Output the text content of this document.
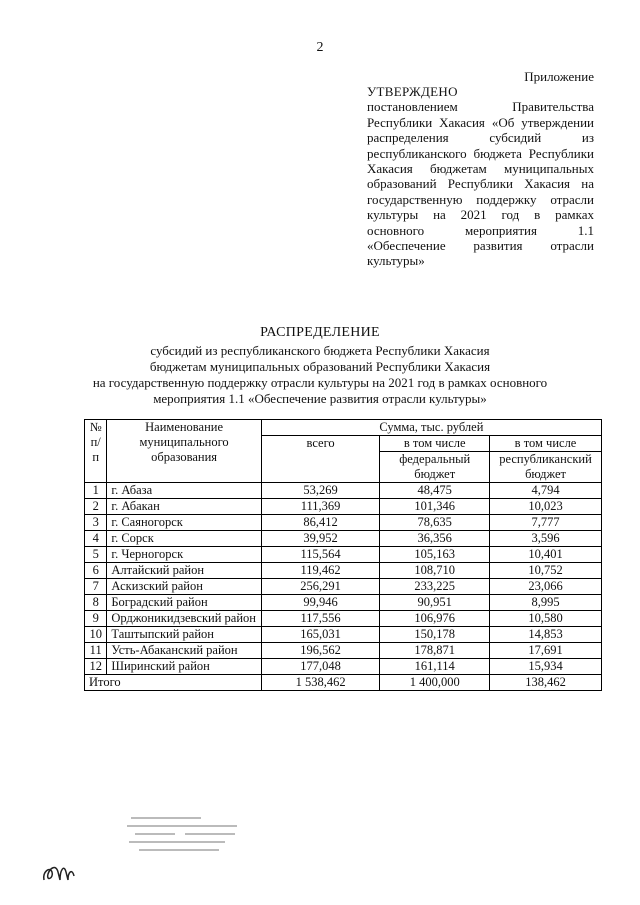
2
Приложение
УТВЕРЖДЕНО
постановлением Правительства Республики Хакасия «Об утверждении распределения субсидий из республиканского бюджета Республики Хакасия бюджетам муниципальных образований Республики Хакасия на государственную поддержку отрасли культуры на 2021 год в рамках основного мероприятия 1.1 «Обеспечение развития отрасли культуры»
РАСПРЕДЕЛЕНИЕ
субсидий из республиканского бюджета Республики Хакасия
бюджетам муниципальных образований Республики Хакасия
на государственную поддержку отрасли культуры на 2021 год в рамках основного
мероприятия 1.1 «Обеспечение развития отрасли культуры»
№ п/п	Наименование муниципального образования	Сумма, тыс. рублей		
		всего	в том числе	в том числе
			федеральный бюджет	республиканский бюджет
1	г. Абаза	53,269	48,475	4,794
2	г. Абакан	111,369	101,346	10,023
3	г. Саяногорск	86,412	78,635	7,777
4	г. Сорск	39,952	36,356	3,596
5	г. Черногорск	115,564	105,163	10,401
6	Алтайский район	119,462	108,710	10,752
7	Аскизский район	256,291	233,225	23,066
8	Боградский район	99,946	90,951	8,995
9	Орджоникидзевский район	117,556	106,976	10,580
10	Таштыпский район	165,031	150,178	14,853
11	Усть-Абаканский район	196,562	178,871	17,691
12	Ширинский район	177,048	161,114	15,934
Итого		1 538,462	1 400,000	138,462
